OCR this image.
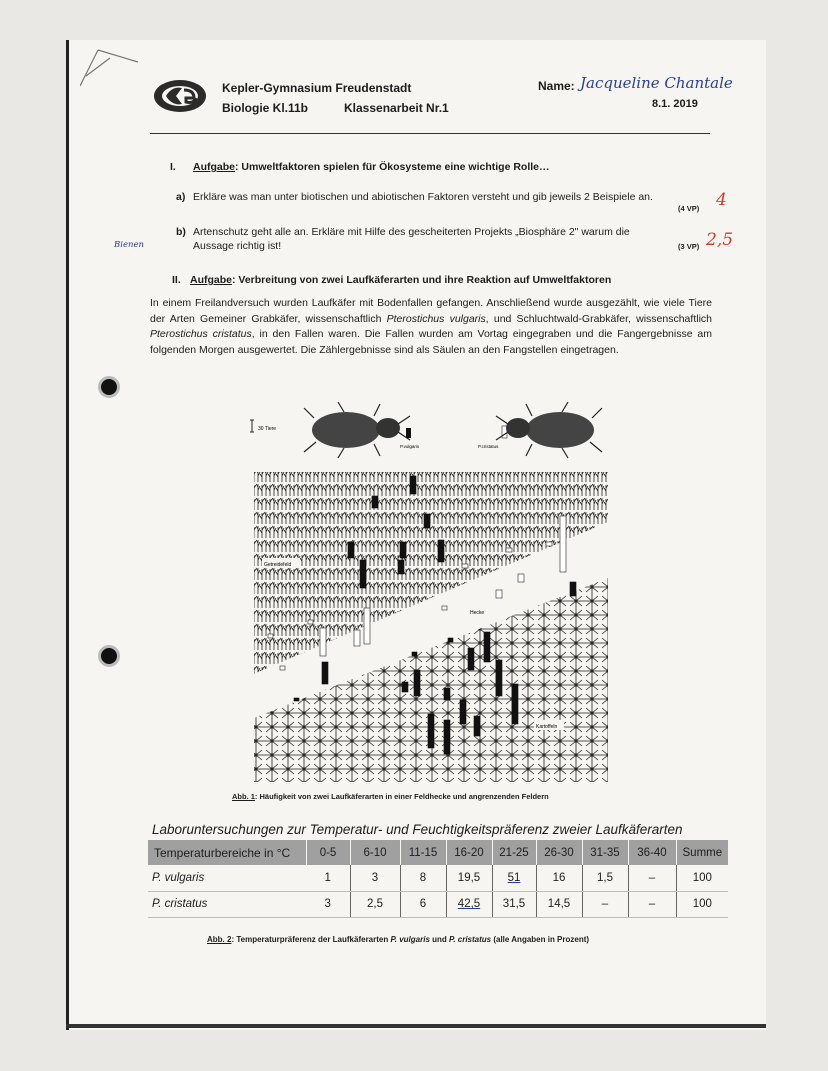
Kepler-Gymnasium Freudenstadt
Biologie Kl.11b	Klassenarbeit Nr.1
Name: Jacqueline Chantale
8.1. 2019
I. Aufgabe: Umweltfaktoren spielen für Ökosysteme eine wichtige Rolle…
a) Erkläre was man unter biotischen und abiotischen Faktoren versteht und gib jeweils 2 Beispiele an.
(4 VP) 4
Bienen
b) Artenschutz geht alle an. Erkläre mit Hilfe des gescheiterten Projekts „Biosphäre 2" warum die
Aussage richtig ist!	(3 VP) 2,5
II. Aufgabe: Verbreitung von zwei Laufkäferarten und ihre Reaktion auf Umweltfaktoren
In einem Freilandversuch wurden Laufkäfer mit Bodenfallen gefangen. Anschließend wurde ausgezählt, wie viele Tiere der Arten Gemeiner Grabkäfer, wissenschaftlich Pterostichus vulgaris, und Schluchtwald-Grabkäfer, wissenschaftlich Pterostichus cristatus, in den Fallen waren. Die Fallen wurden am Vortag eingegraben und die Fangergebnisse am folgenden Morgen ausgewertet. Die Zählergebnisse sind als Säulen an den Fangstellen eingetragen.
30 Tiere
P.vulgaris	P.cristatus
Getreidefeld
Hecke
Kartoffeln
Abb. 1: Häufigkeit von zwei Laufkäferarten in einer Feldhecke und angrenzenden Feldern
Laboruntersuchungen zur Temperatur- und Feuchtigkeitspräferenz zweier Laufkäferarten
Temperaturbereiche in °C	0-5	6-10	11-15	16-20	21-25	26-30	31-35	36-40	Summe
P. vulgaris	1	3	8	19,5	51	16	1,5	–	100
P. cristatus	3	2,5	6	42,5	31,5	14,5	–	–	100
Abb. 2: Temperaturpräferenz der Laufkäferarten P. vulgaris und P. cristatus (alle Angaben in Prozent)
